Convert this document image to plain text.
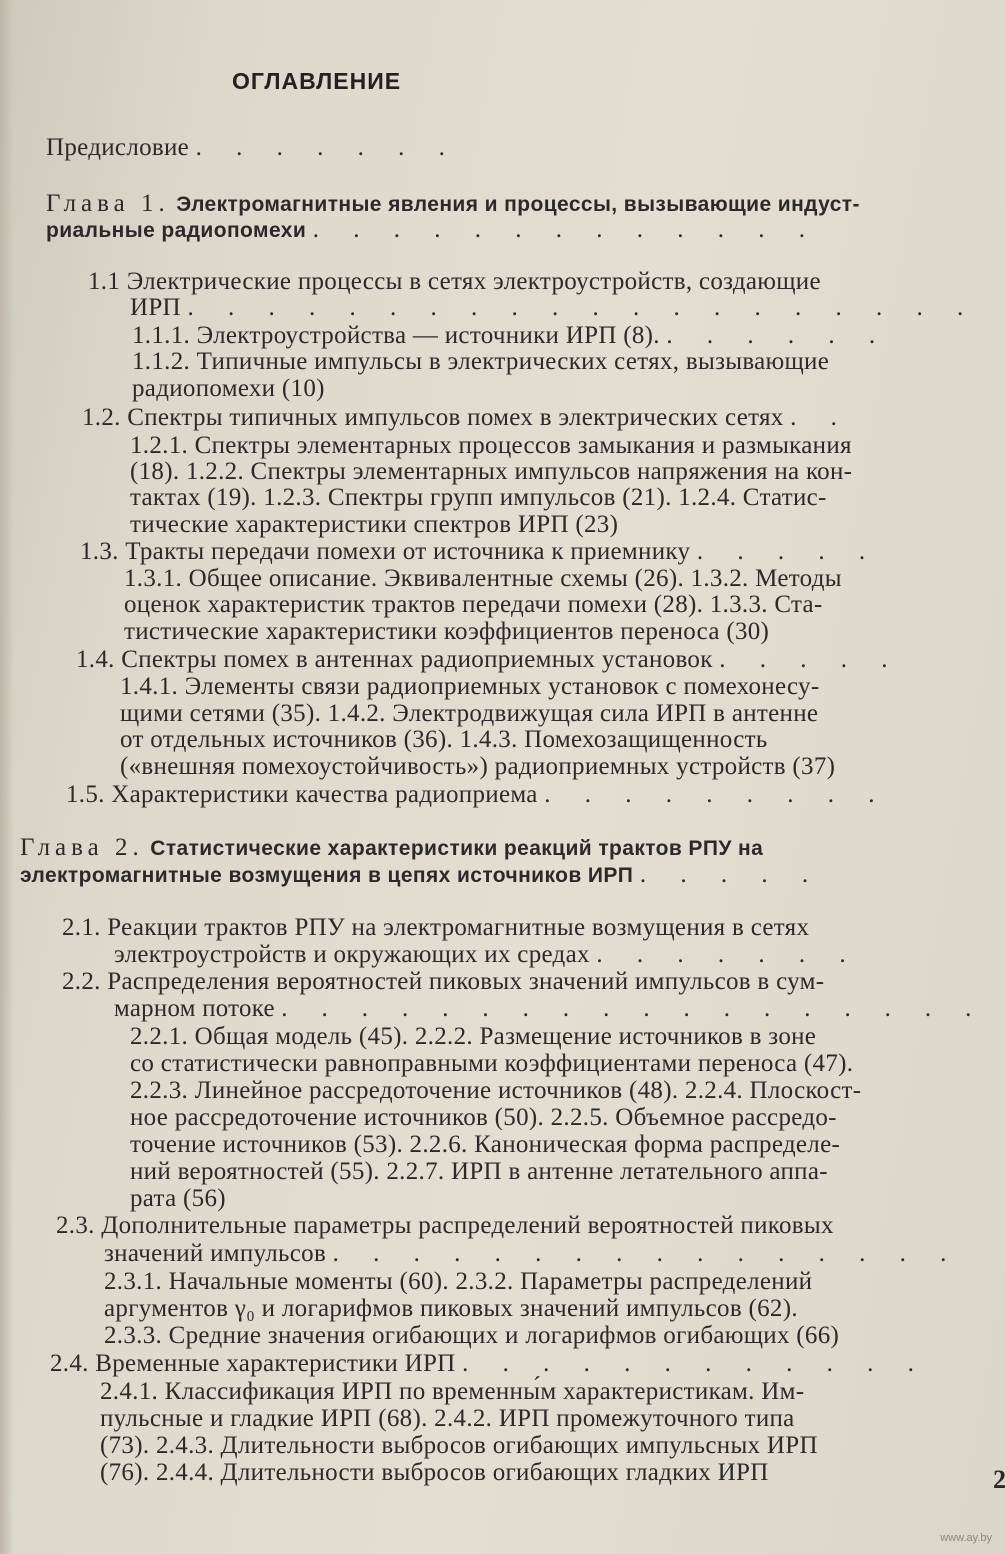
ОГЛАВЛЕНИЕ
Предисловие . . . . . . .
Глава 1. Электромагнитные явления и процессы, вызывающие индуст-
риальные радиопомехи . . . . . . . . . . . . .
1.1 Электрические процессы в сетях электроустройств, создающие
ИРП . . . . . . . . . . . . . . . . . . . .
1.1.1. Электроустройства — источники ИРП (8). . . . . . .
1.1.2. Типичные импульсы в электрических сетях, вызывающие
радиопомехи (10)
1.2. Спектры типичных импульсов помех в электрических сетях . .
1.2.1. Спектры элементарных процессов замыкания и размыкания
(18). 1.2.2. Спектры элементарных импульсов напряжения на кон-
тактах (19). 1.2.3. Спектры групп импульсов (21). 1.2.4. Статис-
тические характеристики спектров ИРП (23)
1.3. Тракты передачи помехи от источника к приемнику . . . . .
1.3.1. Общее описание. Эквивалентные схемы (26). 1.3.2. Методы
оценок характеристик трактов передачи помехи (28). 1.3.3. Ста-
тистические характеристики коэффициентов переноса (30)
1.4. Спектры помех в антеннах радиоприемных установок . . . . .
1.4.1. Элементы связи радиоприемных установок с помехонесу-
щими сетями (35). 1.4.2. Электродвижущая сила ИРП в антенне
от отдельных источников (36). 1.4.3. Помехозащищенность
(«внешняя помехоустойчивость») радиоприемных устройств (37)
1.5. Характеристики качества радиоприема . . . . . . . . .
Глава 2. Статистические характеристики реакций трактов РПУ на
электромагнитные возмущения в цепях источников ИРП . . . . .
2.1. Реакции трактов РПУ на электромагнитные возмущения в сетях
электроустройств и окружающих их средах . . . . . . .
2.2. Распределения вероятностей пиковых значений импульсов в сум-
марном потоке . . . . . . . . . . . . . . . . . .
2.2.1. Общая модель (45). 2.2.2. Размещение источников в зоне
со статистически равноправными коэффициентами переноса (47).
2.2.3. Линейное рассредоточение источников (48). 2.2.4. Плоскост-
ное рассредоточение источников (50). 2.2.5. Объемное рассредо-
точение источников (53). 2.2.6. Каноническая форма распределе-
ний вероятностей (55). 2.2.7. ИРП в антенне летательного аппа-
рата (56)
2.3. Дополнительные параметры распределений вероятностей пиковых
значений импульсов . . . . . . . . . . . . . . . .
2.3.1. Начальные моменты (60). 2.3.2. Параметры распределений
аргументов γ₀ и логарифмов пиковых значений импульсов (62).
2.3.3. Средние значения огибающих и логарифмов огибающих (66)
2.4. Временные характеристики ИРП . . . . . . . . . . . .
2.4.1. Классификация ИРП по временны́м характеристикам. Им-
пульсные и гладкие ИРП (68). 2.4.2. ИРП промежуточного типа
(73). 2.4.3. Длительности выбросов огибающих импульсных ИРП
(76). 2.4.4. Длительности выбросов огибающих гладких ИРП	2
www.ay.by
